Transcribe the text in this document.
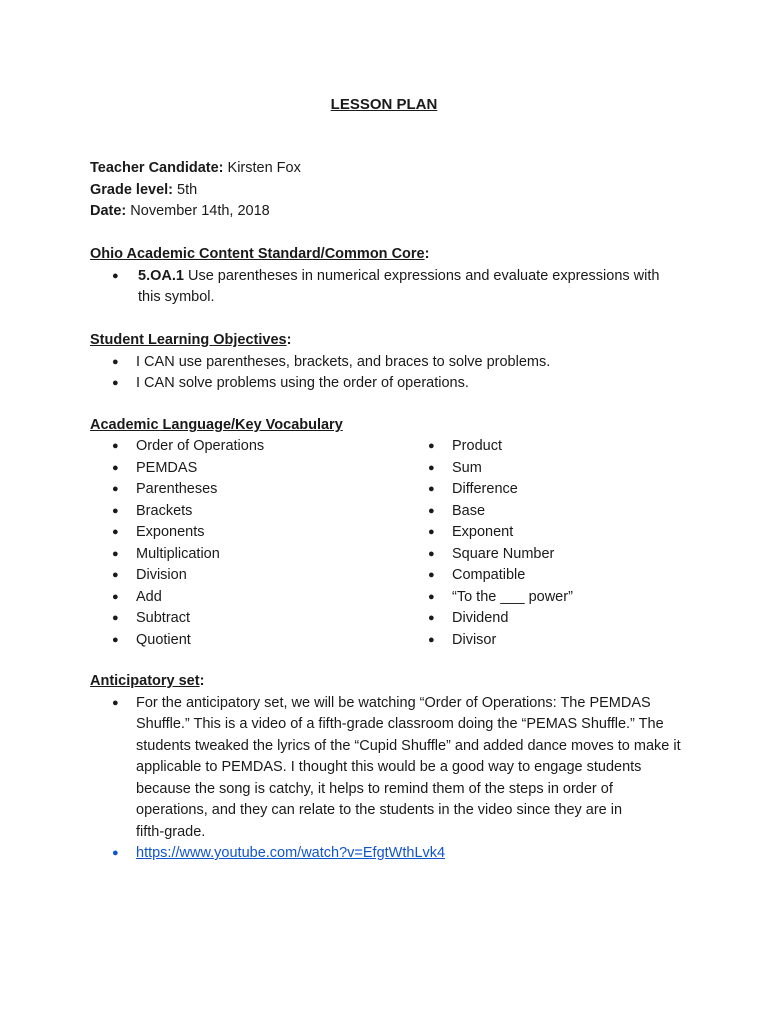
LESSON PLAN
Teacher Candidate: Kirsten Fox
Grade level: 5th
Date: November 14th, 2018
Ohio Academic Content Standard/Common Core:
● 5.OA.1 Use parentheses in numerical expressions and evaluate expressions with this symbol.
Student Learning Objectives:
● I CAN use parentheses, brackets, and braces to solve problems.
● I CAN solve problems using the order of operations.
Academic Language/Key Vocabulary
● Order of Operations
● PEMDAS
● Parentheses
● Brackets
● Exponents
● Multiplication
● Division
● Add
● Subtract
● Quotient
● Product
● Sum
● Difference
● Base
● Exponent
● Square Number
● Compatible
● “To the ___ power”
● Dividend
● Divisor
Anticipatory set:
● For the anticipatory set, we will be watching “Order of Operations: The PEMDAS
Shuffle.” This is a video of a fifth-grade classroom doing the “PEMAS Shuffle.” The
students tweaked the lyrics of the “Cupid Shuffle” and added dance moves to make it
applicable to PEMDAS. I thought this would be a good way to engage students
because the song is catchy, it helps to remind them of the steps in order of
operations, and they can relate to the students in the video since they are in
fifth-grade.
● https://www.youtube.com/watch?v=EfgtWthLvk4
